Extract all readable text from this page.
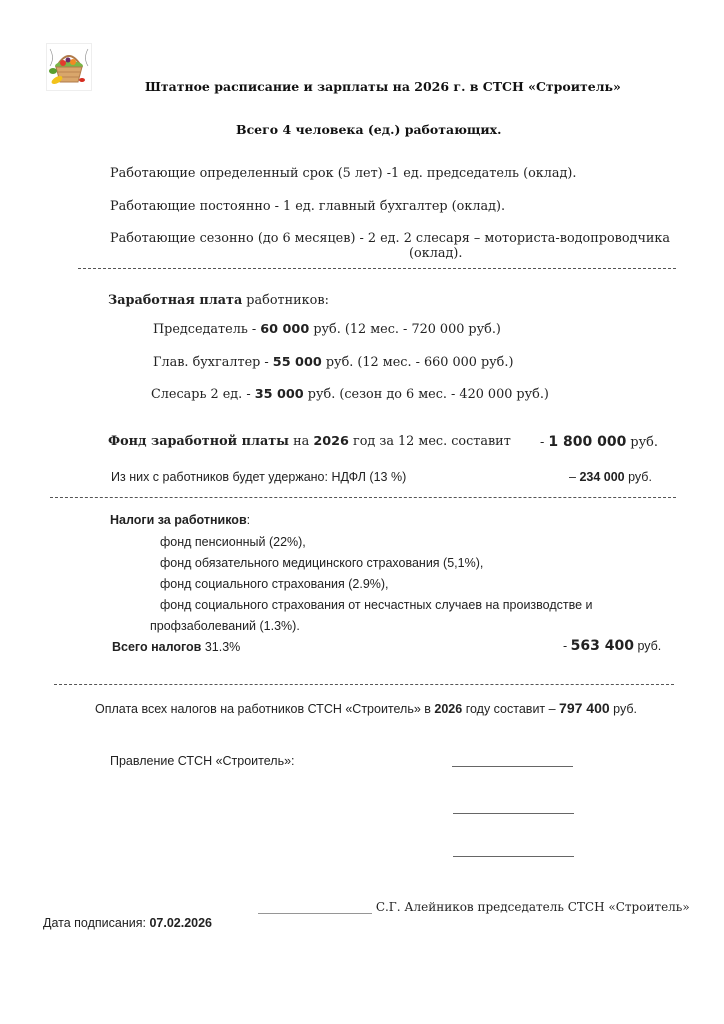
Штатное расписание и зарплаты на 2026 г. в СТСН «Строитель»
Всего 4 человека (ед.) работающих.
Работающие определенный срок (5 лет) -1 ед. председатель (оклад).
Работающие постоянно - 1 ед. главный бухгалтер (оклад).
Работающие сезонно (до 6 месяцев) - 2 ед. 2 слесаря – моториста-водопроводчика
(оклад).
Заработная плата работников:
Председатель - 60 000 руб. (12 мес. - 720 000 руб.)
Глав. бухгалтер - 55 000 руб. (12 мес. - 660 000 руб.)
Слесарь 2 ед. - 35 000 руб. (сезон до 6 мес. - 420 000 руб.)
Фонд заработной платы на 2026 год за 12 мес. составит - 1 800 000 руб.
Из них с работников будет удержано: НДФЛ (13 %)	– 234 000 руб.
Налоги за работников:
фонд пенсионный (22%),
фонд обязательного медицинского страхования (5,1%),
фонд социального страхования (2.9%),
фонд социального страхования от несчастных случаев на производстве и
профзаболеваний (1.3%).
Всего налогов 31.3%	- 563 400 руб.
Оплата всех налогов на работников СТСН «Строитель» в 2026 году составит – 797 400 руб.
Правление СТСН «Строитель»:
___________________ С.Г. Алейников председатель СТСН «Строитель»
Дата подписания: 07.02.2026
